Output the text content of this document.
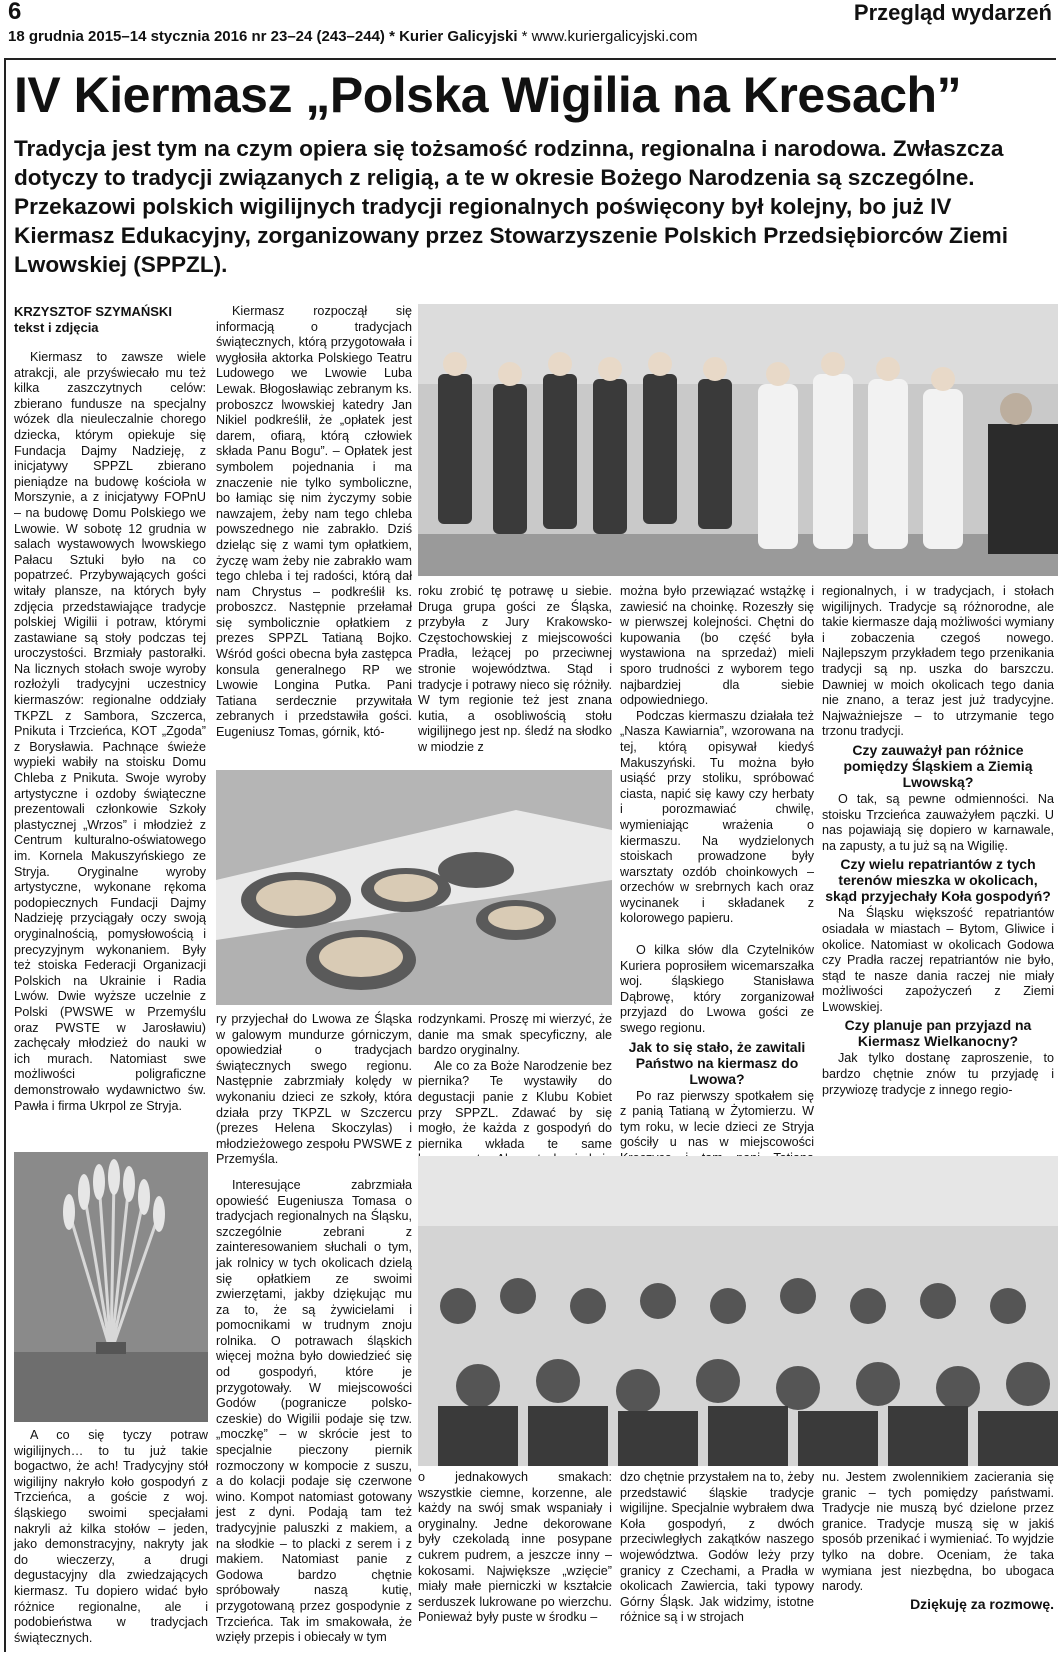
6	Przegląd wydarzeń
18 grudnia 2015–14 stycznia 2016 nr 23–24 (243–244) * Kurier Galicyjski * www.kuriergalicyjski.com
IV Kiermasz „Polska Wigilia na Kresach”
Tradycja jest tym na czym opiera się tożsamość rodzinna, regionalna i narodowa. Zwłaszcza dotyczy to tradycji związanych z religią, a te w okresie Bożego Narodzenia są szczególne. Przekazowi polskich wigilijnych tradycji regionalnych poświęcony był kolejny, bo już IV Kiermasz Edukacyjny, zorganizowany przez Stowarzyszenie Polskich Przedsiębiorców Ziemi Lwowskiej (SPPZL).
KRZYSZTOF SZYMAŃSKI
tekst i zdjęcia

Kiermasz to zawsze wiele atrakcji, ale przyświecało mu też kilka zaszczytnych celów: zbierano fundusze na specjalny wózek dla nieuleczalnie chorego dziecka, którym opiekuje się Fundacja Dajmy Nadzieję, z inicjatywy SPPZL zbierano pieniądze na budowę kościoła w Morszynie, a z inicjatywy FOPnU – na budowę Domu Polskiego we Lwowie. W sobotę 12 grudnia w salach wystawowych lwowskiego Pałacu Sztuki było na co popatrzeć. Przybywających gości witały plansze, na których były zdjęcia przedstawiające tradycje polskiej Wigilii i potraw, którymi zastawiane są stoły podczas tej uroczystości. Brzmiały pastorałki. Na licznych stołach swoje wyroby rozłożyli tradycyjni uczestnicy kiermaszów: regionalne oddziały TKPZL z Sambora, Szczerca, Pnikuta i Trzcieńca, KOT „Zgoda” z Borysławia. Pachnące świeże wypieki wabiły na stoisku Domu Chleba z Pnikuta. Swoje wyroby artystyczne i ozdoby świąteczne prezentowali członkowie Szkoły plastycznej „Wrzos” i młodzież z Centrum kulturalno-oświatowego im. Kornela Makuszyńskiego ze Stryja. Oryginalne wyroby artystyczne, wykonane rękoma podopiecznych Fundacji Dajmy Nadzieję przyciągały oczy swoją oryginalnością, pomysłowością i precyzyjnym wykonaniem. Były też stoiska Federacji Organizacji Polskich na Ukrainie i Radia Lwów. Dwie wyższe uczelnie z Polski (PWSWE w Przemyślu oraz PWSTE w Jarosławiu) zachęcały młodzież do nauki w ich murach. Natomiast swe możliwości poligraficzne demonstrowało wydawnictwo św. Pawła i firma Ukrpol ze Stryja.

A co się tyczy potraw wigilijnych… to tu już takie bogactwo, że ach! Tradycyjny stół wigilijny nakryło koło gospodyń z Trzcieńca, a goście z woj. śląskiego swoimi specjałami nakryli aż kilka stołów – jeden, jako demonstracyjny, nakryty jak do wieczerzy, a drugi degustacyjny dla zwiedzających kiermasz. Tu dopiero widać było różnice regionalne, ale i podobieństwa w tradycjach świątecznych.

Kiermasz rozpoczął się informacją o tradycjach świątecznych, którą przygotowała i wygłosiła aktorka Polskiego Teatru Ludowego we Lwowie Luba Lewak. Błogosławiąc zebranym ks. proboszcz lwowskiej katedry Jan Nikiel podkreślił, że „opłatek jest darem, ofiarą, którą człowiek składa Panu Bogu”. – Opłatek jest symbolem pojednania i ma znaczenie nie tylko symboliczne, bo łamiąc się nim życzymy sobie nawzajem, żeby nam tego chleba powszednego nie zabrakło. Dziś dzieląc się z wami tym opłatkiem, życzę wam żeby nie zabrakło wam tego chleba i tej radości, którą dał nam Chrystus – podkreślił ks. proboszcz. Następnie przełamał się symbolicznie opłatkiem z prezes SPPZL Tatianą Bojko. Wśród gości obecna była zastępca konsula generalnego RP we Lwowie Longina Putka. Pani Tatiana serdecznie przywitała zebranych i przedstawiła gości. Eugeniusz Tomas, górnik, któ-

roku zrobić tę potrawę u siebie. Druga grupa gości ze Śląska, przybyła z Jury Krakowsko-Częstochowskiej z miejscowości Pradła, leżącej po przeciwnej stronie województwa. Stąd i tradycje i potrawy nieco się różniły. W tym regionie też jest znana kutia, a osobliwością stołu wigilijnego jest np. śledź na słodko w miodzie z

można było przewiązać wstążkę i zawiesić na choinkę. Rozeszły się w pierwszej kolejności. Chętni do kupowania (bo część była wystawiona na sprzedaż) mieli sporo trudności z wyborem tego najbardziej dla siebie odpowiedniego.

Podczas kiermaszu działała też „Nasza Kawiarnia”, wzorowana na tej, którą opisywał kiedyś Makuszyński. Tu można było usiąść przy stoliku, spróbować ciasta, napić się kawy czy herbaty i porozmawiać chwilę, wymieniając wrażenia o kiermaszu. Na wydzielonych stoiskach prowadzone były warsztaty ozdób choinkowych – orzechów w srebrnych kach oraz wycinanek i składanek z kolorowego papieru.

O kilka słów dla Czytelników Kuriera poprosiłem wicemarszałka woj. śląskiego Stanisława Dąbrowę, który zorganizował przyjazd do Lwowa gości ze swego regionu.

Jak to się stało, że zawitali Państwo na kiermasz do Lwowa?

Po raz pierwszy spotkałem się z panią Tatianą w Żytomierzu. W tym roku, w lecie dzieci ze Stryja gościły u nas w miejscowości

regionalnych, i w tradycjach, i stołach wigilijnych. Tradycje są różnorodne, ale takie kiermasze dają możliwości wymiany i zobaczenia czegoś nowego. Najlepszym przykładem tego przenikania tradycji są np. uszka do barszczu. Dawniej w moich okolicach tego dania nie znano, a teraz jest już tradycyjne. Najważniejsze – to utrzymanie tego trzonu tradycji.

Czy zauważył pan różnice pomiędzy Śląskiem a Ziemią Lwowską?

O tak, są pewne odmienności. Na stoisku Trzcieńca zauważyłem pączki. U nas pojawiają się dopiero w karnawale, na zapusty, a tu już są na Wigilię.

Czy wielu repatriantów z tych terenów mieszka w okolicach, skąd przyjechały Koła gospodyń?

Na Śląsku większość repatriantów osiadała w miastach – Bytom, Gliwice i okolice. Natomiast w okolicach Godowa czy Pradła raczej repatriantów nie było, stąd te nasze dania raczej nie miały możliwości zapożyczeń z Ziemi Lwowskiej.

Czy planuje pan przyjazd na Kiermasz Wielkanocny?

Jak tylko dostanę zaproszenie, to bardzo chętnie znów tu przyjadę i przywiozę tradycje z innego regio-

ry przyjechał do Lwowa ze Śląska w galowym mundurze górniczym, opowiedział o tradycjach świątecznych swego regionu. Następnie zabrzmiały kolędy w wykonaniu dzieci ze szkoły, która działa przy TKPZL w Szczercu (prezes Helena Skoczylas) i młodzieżowego zespołu PWSWE z Przemyśla.

Interesujące zabrzmiała opowieść Eugeniusza Tomasa o tradycjach regionalnych na Śląsku, szczególnie zebrani z zainteresowaniem słuchali o tym, jak rolnicy w tych okolicach dzielą się opłatkiem ze swoimi zwierzętami, jakby dziękując mu za to, że są żywicielami i pomocnikami w trudnym znoju rolnika. O potrawach śląskich więcej można było dowiedzieć się od gospodyń, które je przygotowały. W miejscowości Godów (pogranicze polsko-czeskie) do Wigilii podaje się tzw. „moczkę” – w skrócie jest to specjalnie pieczony piernik rozmoczony w kompocie z suszu, a do kolacji podaje się czerwone wino. Kompot natomiast gotowany jest z dyni. Podają tam też tradycyjnie paluszki z makiem, a na słodkie – to placki z serem i z makiem. Natomiast panie z Godowa bardzo chętnie spróbowały naszą kutię, przygotowaną przez gospodynie z Trzcieńca. Tak im smakowała, że wzięły przepis i obiecały w tym

rodzynkami. Proszę mi wierzyć, że danie ma smak specyficzny, ale bardzo oryginalny.

Ale co za Boże Narodzenie bez piernika? Te wystawiły do degustacji panie z Klubu Kobiet przy SPPZL. Zdawać by się mogło, że każda z gospodyń do piernika wkłada te same

o jednakowych smakach: wszystkie ciemne, korzenne, ale każdy na swój smak wspaniały i oryginalny. Jedne dekorowane były czekoladą inne posypane cukrem pudrem, a jeszcze inny – kokosami. Największe „wzięcie” miały małe pierniczki w kształcie serduszek lukrowane po wierzchu. Ponieważ były puste w środku –

dzo chętnie przystałem na to, żeby przedstawić śląskie tradycje wigilijne. Specjalnie wybrałem dwa Koła gospodyń, z dwóch przeciwległych zakątków naszego województwa. Godów leży przy granicy z Czechami, a Pradła w okolicach Zawiercia, taki typowy Górny Śląsk. Jak widzimy, istotne różnice są i w strojach

nu. Jestem zwolennikiem zacierania się granic – tych pomiędzy państwami. Tradycje nie muszą być dzielone przez granice. Tradycje muszą się w jakiś sposób przenikać i wymieniać. To wyjdzie tylko na dobre. Oceniam, że taka wymiana jest niezbędna, bo ubogaca narody.

Dziękuję za rozmowę.
